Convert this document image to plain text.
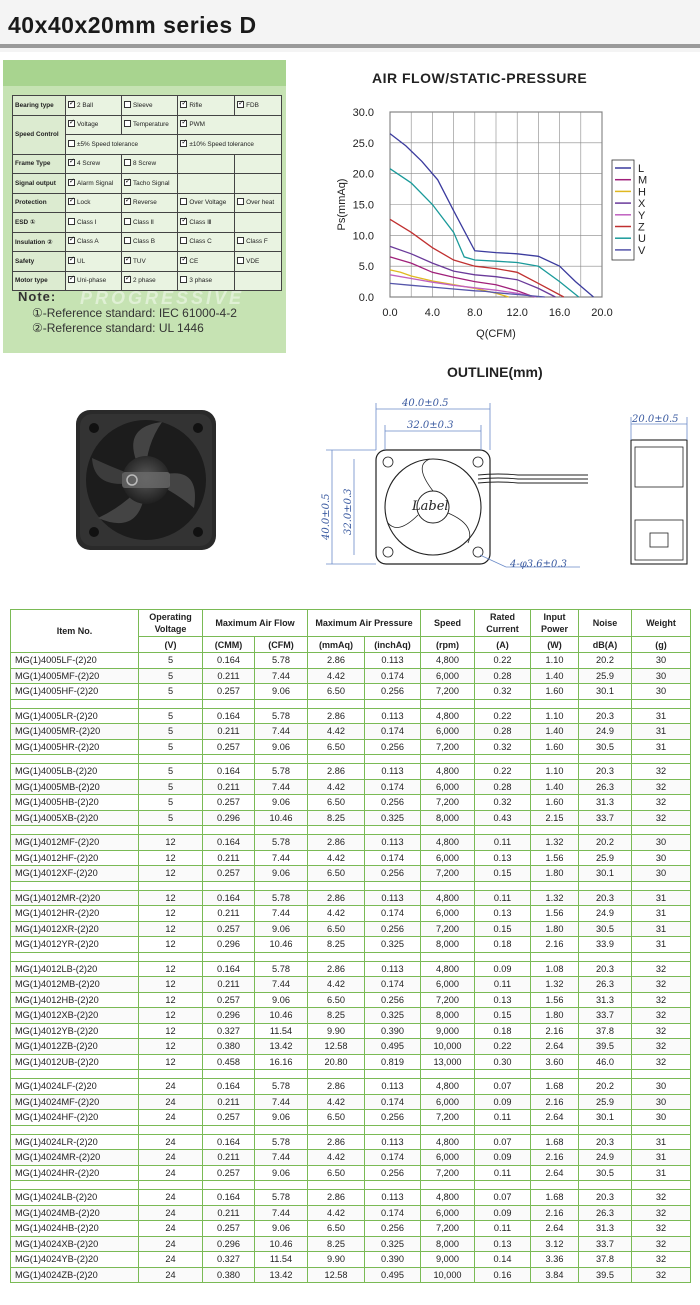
40x40x20mm series D
Bearing type	✓2 Ball	Sleeve	✓Rifle	✓FDB
Speed Control	✓Voltage	Temperature	✓PWM
	±5% Speed tolerance	✓±10% Speed tolerance
Frame Type	✓4 Screw	8 Screw		
Signal output	✓Alarm Signal	✓Tacho Signal		
Protection	✓Lock	✓Reverse	Over Voltage	Over heat
ESD ①	Class Ⅰ	Class Ⅱ	✓Class Ⅲ	
Insulation ②	✓Class A	Class B	Class C	Class F
Safety	✓UL	✓TUV	✓CE	VDE
Motor type	✓Uni-phase	✓2 phase	3 phase	
PROGRESSIVE
Note:
①-Reference standard: IEC 61000-4-2
②-Reference standard: UL 1446
AIR FLOW/STATIC-PRESSURE
0.0
5.0
10.0
15.0
20.0
25.0
30.0
0.0 4.0 8.0 12.0 16.0 20.0
Q(CFM)
Ps(mmAq)
L
M
H
X
Y
Z
U
V
OUTLINE(mm)
40.0±0.5
32.0±0.3
40.0±0.5 32.0±0.3
4-φ3.6±0.3
20.0±0.5
Label
Item No.	Operating Voltage	Maximum Air Flow		Maximum Air Pressure		Speed	Rated Current	Input Power	Noise	Weight
	(V)	(CMM)	(CFM)	(mmAq)	(inchAq)	(rpm)	(A)	(W)	dB(A)	(g)
MG(1)4005LF-(2)20	5	0.164	5.78	2.86	0.113	4,800	0.22	1.10	20.2	30
MG(1)4005MF-(2)20	5	0.211	7.44	4.42	0.174	6,000	0.28	1.40	25.9	30
MG(1)4005HF-(2)20	5	0.257	9.06	6.50	0.256	7,200	0.32	1.60	30.1	30

MG(1)4005LR-(2)20	5	0.164	5.78	2.86	0.113	4,800	0.22	1.10	20.3	31
MG(1)4005MR-(2)20	5	0.211	7.44	4.42	0.174	6,000	0.28	1.40	24.9	31
MG(1)4005HR-(2)20	5	0.257	9.06	6.50	0.256	7,200	0.32	1.60	30.5	31

MG(1)4005LB-(2)20	5	0.164	5.78	2.86	0.113	4,800	0.22	1.10	20.3	32
MG(1)4005MB-(2)20	5	0.211	7.44	4.42	0.174	6,000	0.28	1.40	26.3	32
MG(1)4005HB-(2)20	5	0.257	9.06	6.50	0.256	7,200	0.32	1.60	31.3	32
MG(1)4005XB-(2)20	5	0.296	10.46	8.25	0.325	8,000	0.43	2.15	33.7	32

MG(1)4012MF-(2)20	12	0.164	5.78	2.86	0.113	4,800	0.11	1.32	20.2	30
MG(1)4012HF-(2)20	12	0.211	7.44	4.42	0.174	6,000	0.13	1.56	25.9	30
MG(1)4012XF-(2)20	12	0.257	9.06	6.50	0.256	7,200	0.15	1.80	30.1	30

MG(1)4012MR-(2)20	12	0.164	5.78	2.86	0.113	4,800	0.11	1.32	20.3	31
MG(1)4012HR-(2)20	12	0.211	7.44	4.42	0.174	6,000	0.13	1.56	24.9	31
MG(1)4012XR-(2)20	12	0.257	9.06	6.50	0.256	7,200	0.15	1.80	30.5	31
MG(1)4012YR-(2)20	12	0.296	10.46	8.25	0.325	8,000	0.18	2.16	33.9	31

MG(1)4012LB-(2)20	12	0.164	5.78	2.86	0.113	4,800	0.09	1.08	20.3	32
MG(1)4012MB-(2)20	12	0.211	7.44	4.42	0.174	6,000	0.11	1.32	26.3	32
MG(1)4012HB-(2)20	12	0.257	9.06	6.50	0.256	7,200	0.13	1.56	31.3	32
MG(1)4012XB-(2)20	12	0.296	10.46	8.25	0.325	8,000	0.15	1.80	33.7	32
MG(1)4012YB-(2)20	12	0.327	11.54	9.90	0.390	9,000	0.18	2.16	37.8	32
MG(1)4012ZB-(2)20	12	0.380	13.42	12.58	0.495	10,000	0.22	2.64	39.5	32
MG(1)4012UB-(2)20	12	0.458	16.16	20.80	0.819	13,000	0.30	3.60	46.0	32

MG(1)4024LF-(2)20	24	0.164	5.78	2.86	0.113	4,800	0.07	1.68	20.2	30
MG(1)4024MF-(2)20	24	0.211	7.44	4.42	0.174	6,000	0.09	2.16	25.9	30
MG(1)4024HF-(2)20	24	0.257	9.06	6.50	0.256	7,200	0.11	2.64	30.1	30

MG(1)4024LR-(2)20	24	0.164	5.78	2.86	0.113	4,800	0.07	1.68	20.3	31
MG(1)4024MR-(2)20	24	0.211	7.44	4.42	0.174	6,000	0.09	2.16	24.9	31
MG(1)4024HR-(2)20	24	0.257	9.06	6.50	0.256	7,200	0.11	2.64	30.5	31

MG(1)4024LB-(2)20	24	0.164	5.78	2.86	0.113	4,800	0.07	1.68	20.3	32
MG(1)4024MB-(2)20	24	0.211	7.44	4.42	0.174	6,000	0.09	2.16	26.3	32
MG(1)4024HB-(2)20	24	0.257	9.06	6.50	0.256	7,200	0.11	2.64	31.3	32
MG(1)4024XB-(2)20	24	0.296	10.46	8.25	0.325	8,000	0.13	3.12	33.7	32
MG(1)4024YB-(2)20	24	0.327	11.54	9.90	0.390	9,000	0.14	3.36	37.8	32
MG(1)4024ZB-(2)20	24	0.380	13.42	12.58	0.495	10,000	0.16	3.84	39.5	32
